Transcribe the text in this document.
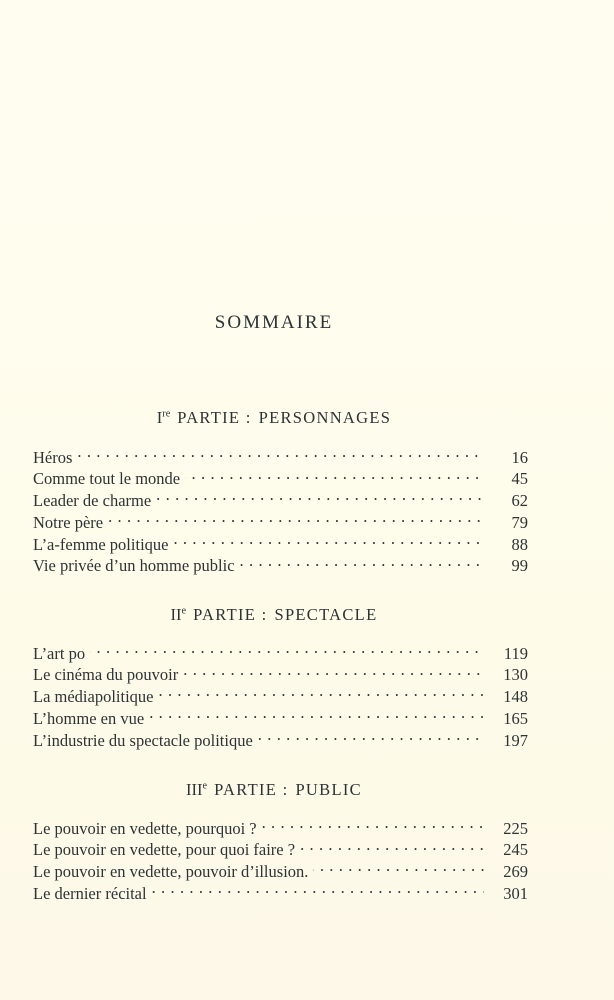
SOMMAIRE
Ire PARTIE : PERSONNAGES
Héros . . .	16
Comme tout le monde . . .	45
Leader de charme . . .	62
Notre père . . .	79
L’a-femme politique . . .	88
Vie privée d’un homme public . . .	99
IIe PARTIE : SPECTACLE
L’art po . . .	119
Le cinéma du pouvoir . . .	130
La médiapolitique . . .	148
L’homme en vue . . .	165
L’industrie du spectacle politique . . .	197
IIIe PARTIE : PUBLIC
Le pouvoir en vedette, pourquoi ? . . .	225
Le pouvoir en vedette, pour quoi faire ? . . .	245
Le pouvoir en vedette, pouvoir d’illusion. . . .	269
Le dernier récital . . .	301
